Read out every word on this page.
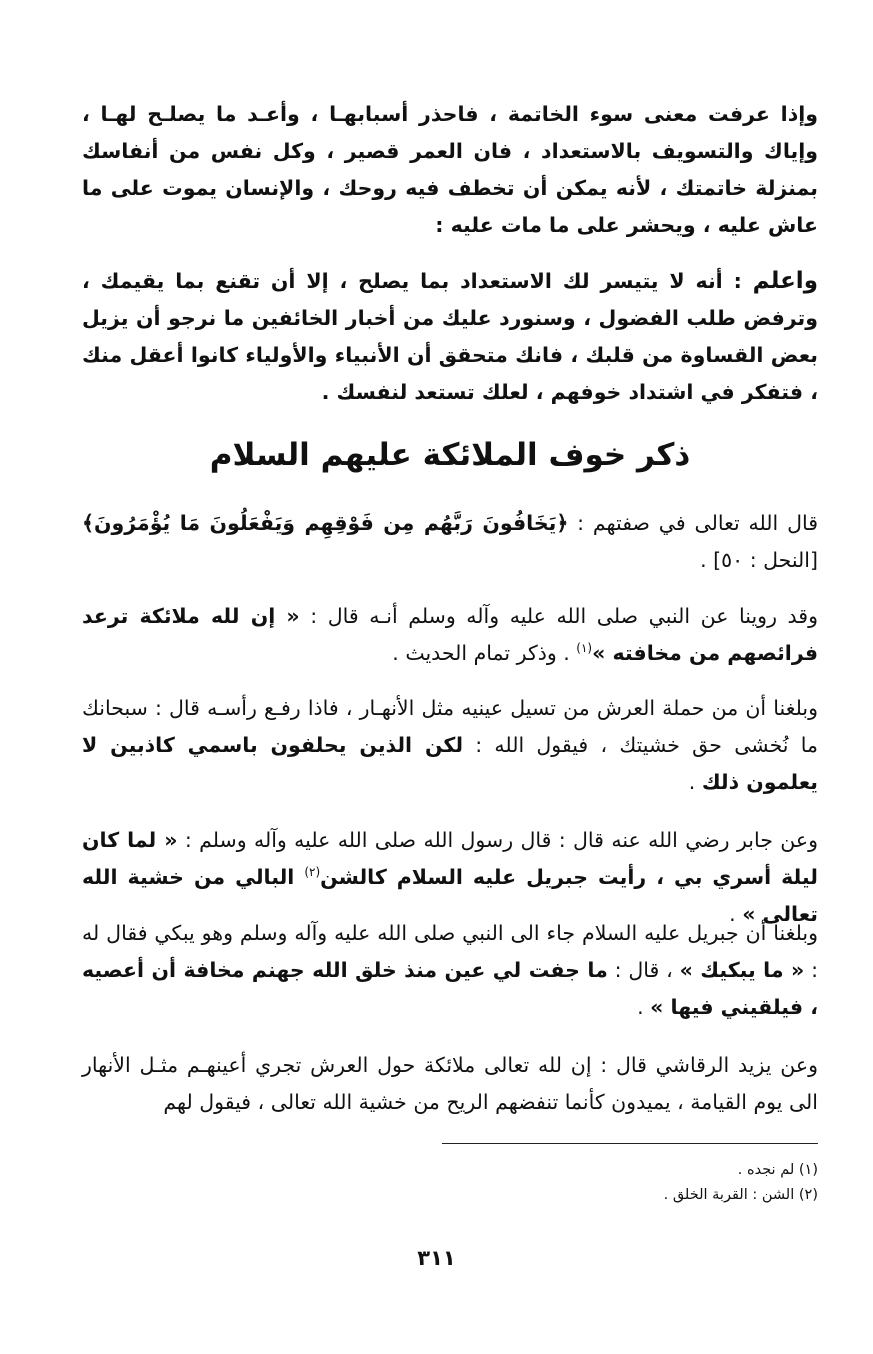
وإذا عرفت معنى سوء الخاتمة ، فاحذر أسبابهـا ، وأعـد ما يصلـح لهـا ، وإياك والتسويف بالاستعداد ، فان العمر قصير ، وكل نفس من أنفاسك بمنزلة خاتمتك ، لأنه يمكن أن تخطف فيه روحك ، والإنسان يموت على ما عاش عليه ، ويحشر على ما مات عليه :

واعلم : أنه لا يتيسر لك الاستعداد بما يصلح ، إلا أن تقنع بما يقيمك ، وترفض طلب الفضول ، وسنورد عليك من أخبار الخائفين ما نرجو أن يزيل بعض القساوة من قلبك ، فانك متحقق أن الأنبياء والأولياء كانوا أعقل منك ، فتفكر في اشتداد خوفهم ، لعلك تستعد لنفسك .

ذكر خوف الملائكة عليهم السلام

قال الله تعالى في صفتهم : ﴿يَخَافُونَ رَبَّهُم مِن فَوْقِهِم وَيَفْعَلُونَ مَا يُؤْمَرُونَ﴾ [النحل : ٥٠] .

وقد روينا عن النبي صلى الله عليه وآله وسلم أنـه قال : « إن لله ملائكة ترعد فرائصهم من مخافته »$^{(١)}$ . وذكر تمام الحديث .

وبلغنا أن من حملة العرش من تسيل عينيه مثل الأنهـار ، فاذا رفـع رأسـه قال : سبحانك ما نُخشى حق خشيتك ، فيقول الله : لكن الذين يحلفون باسمي كاذبين لا يعلمون ذلك .

وعن جابر رضي الله عنه قال : قال رسول الله صلى الله عليه وآله وسلم : « لما كان ليلة أسري بي ، رأيت جبريل عليه السلام كالشن$^{(٢)}$ البالي من خشية الله تعالى » .

وبلغنا أن جبريل عليه السلام جاء الى النبي صلى الله عليه وآله وسلم وهو يبكي فقال له : « ما يبكيك » ، قال : ما جفت لي عين منذ خلق الله جهنم مخافة أن أعصيه ، فيلقيني فيها » .

وعن يزيد الرقاشي قال : إن لله تعالى ملائكة حول العرش تجري أعينهـم مثـل الأنهار الى يوم القيامة ، يميدون كأنما تنفضهم الريح من خشية الله تعالى ، فيقول لهم

(١) لم نجده .

(٢) الشن : القربة الخلق .

٣١١
